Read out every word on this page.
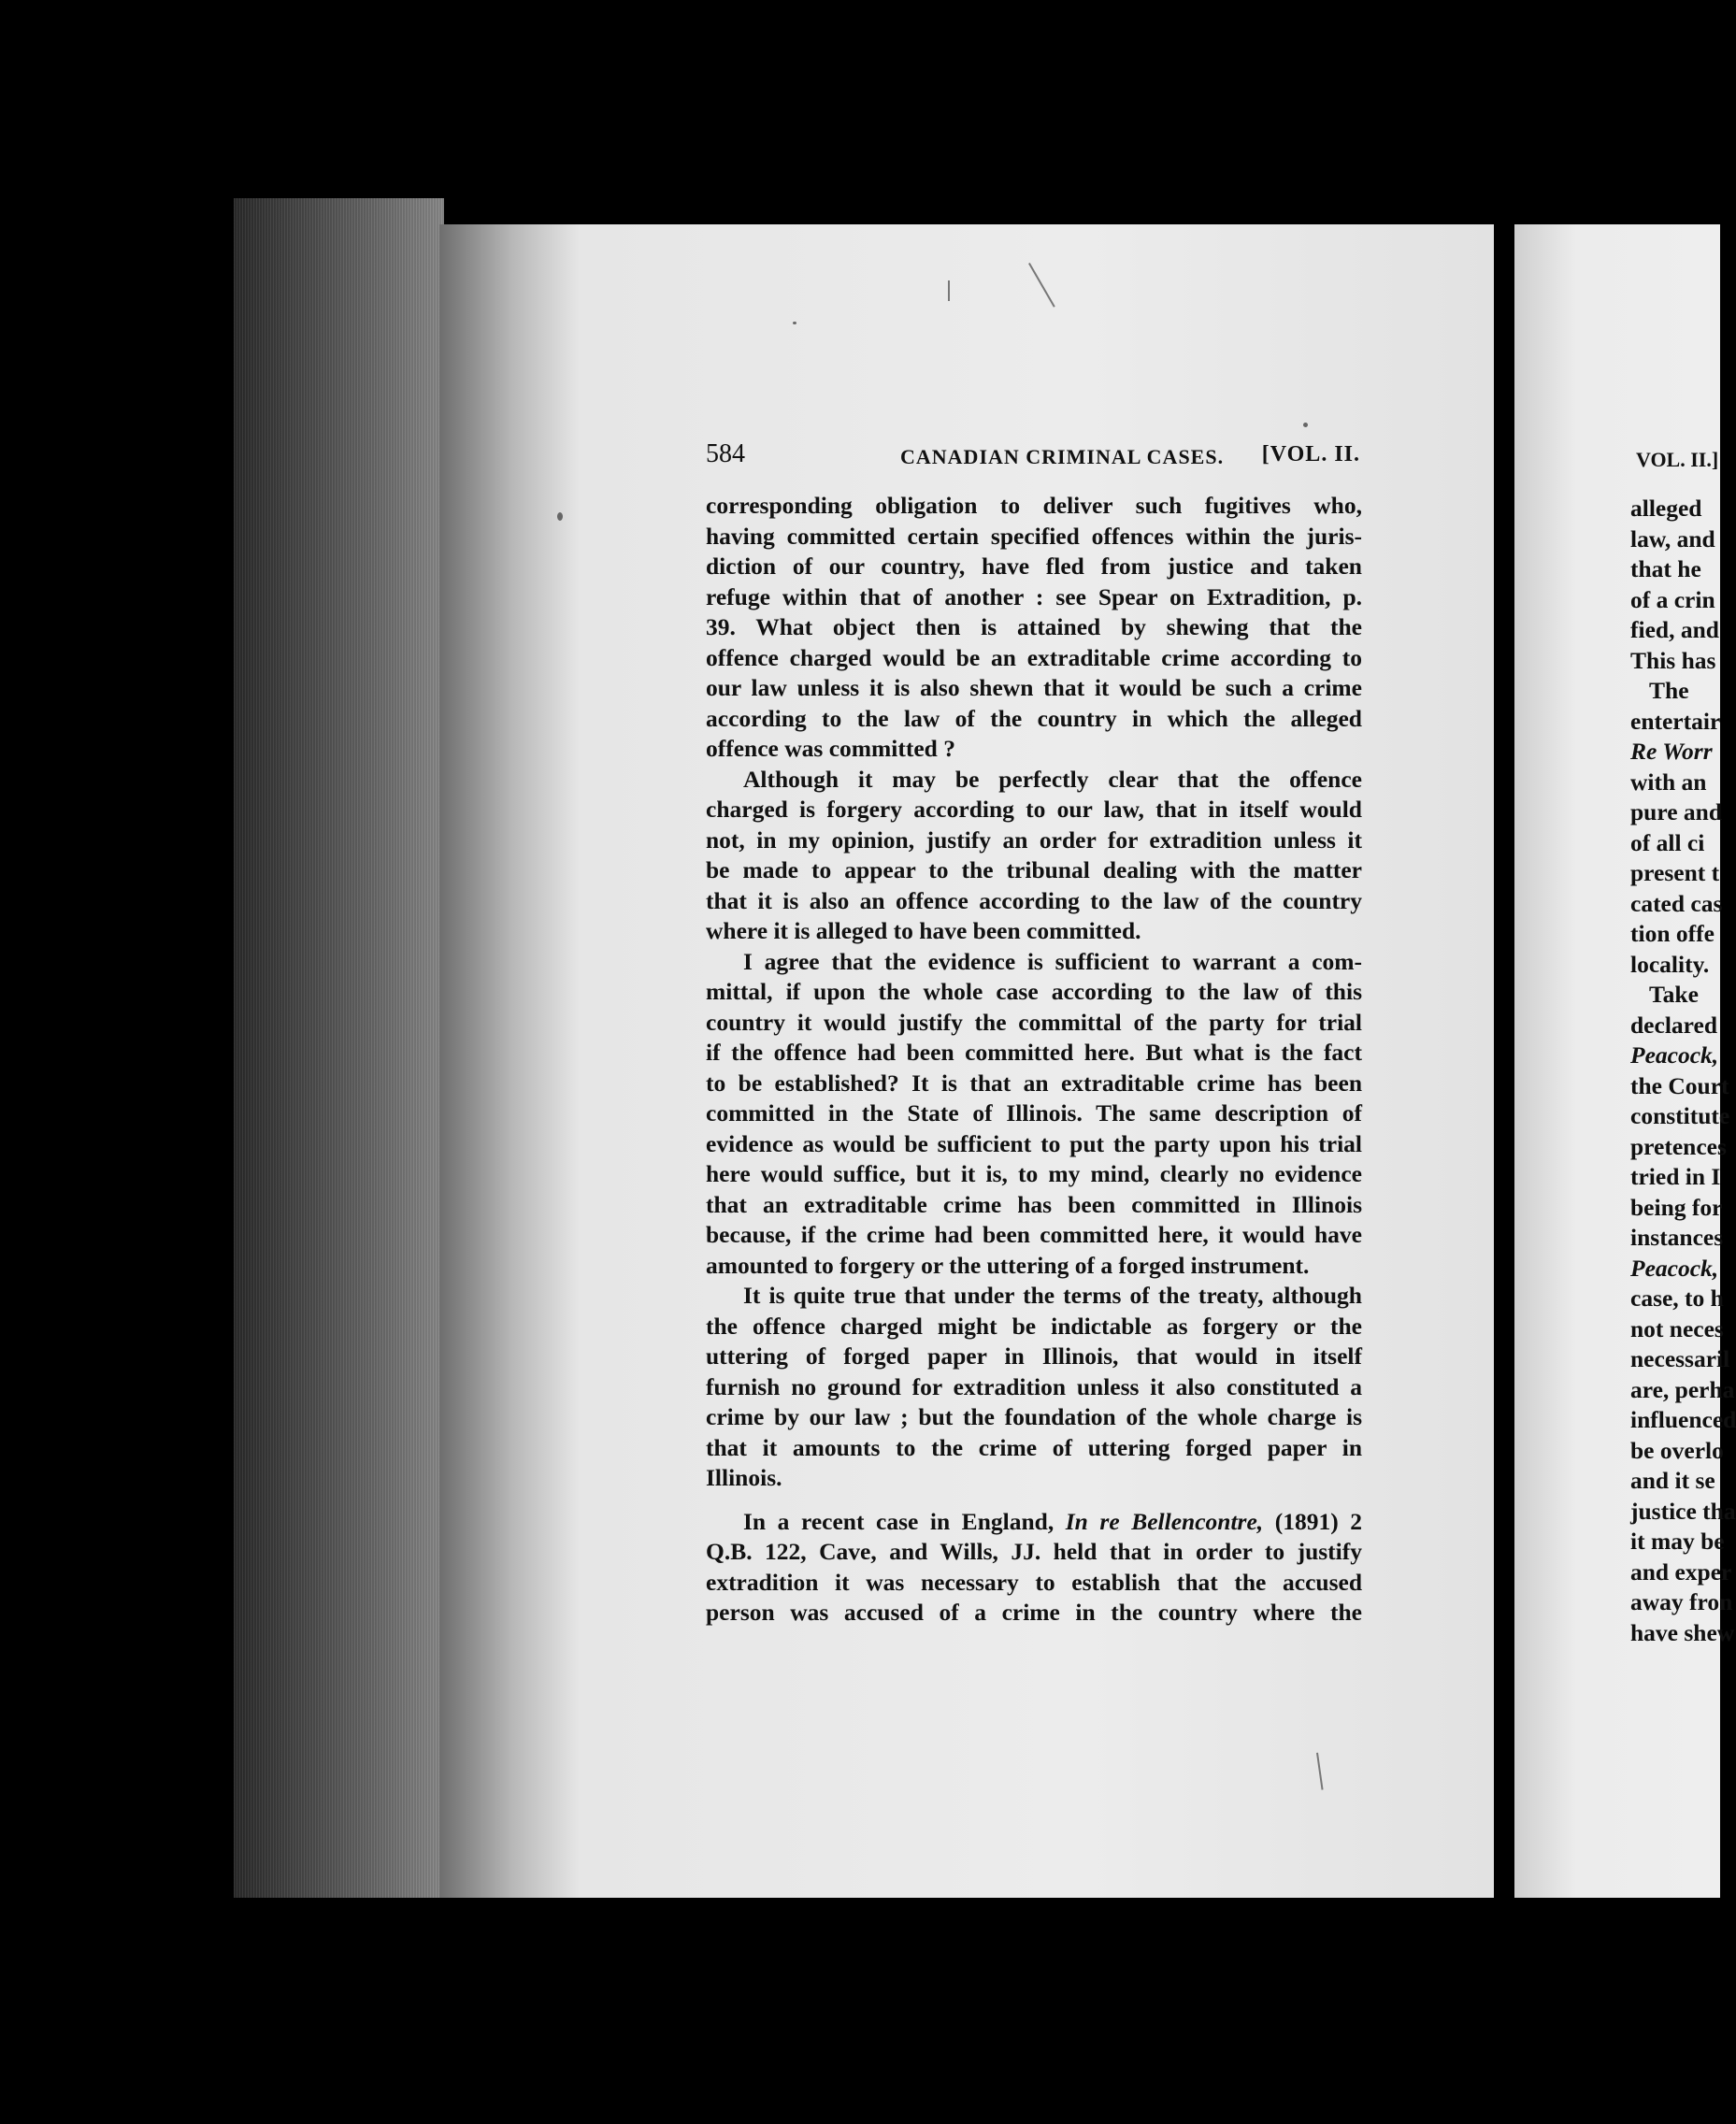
584	CANADIAN CRIMINAL CASES. [VOL. II.
corresponding obligation to deliver such fugitives who,
having committed certain specified offences within the juris-
diction of our country, have fled from justice and taken
refuge within that of another : see Spear on Extradition, p.
39. What object then is attained by shewing that the
offence charged would be an extraditable crime according to
our law unless it is also shewn that it would be such a crime
according to the law of the country in which the alleged
offence was committed ?
Although it may be perfectly clear that the offence
charged is forgery according to our law, that in itself would
not, in my opinion, justify an order for extradition unless it
be made to appear to the tribunal dealing with the matter
that it is also an offence according to the law of the country
where it is alleged to have been committed.
I agree that the evidence is sufficient to warrant a com-
mittal, if upon the whole case according to the law of this
country it would justify the committal of the party for trial
if the offence had been committed here. But what is the fact
to be established? It is that an extraditable crime has been
committed in the State of Illinois. The same description of
evidence as would be sufficient to put the party upon his trial
here would suffice, but it is, to my mind, clearly no evidence
that an extraditable crime has been committed in Illinois
because, if the crime had been committed here, it would have
amounted to forgery or the uttering of a forged instrument.
It is quite true that under the terms of the treaty, although
the offence charged might be indictable as forgery or the
uttering of forged paper in Illinois, that would in itself
furnish no ground for extradition unless it also constituted a
crime by our law ; but the foundation of the whole charge is
that it amounts to the crime of uttering forged paper in
Illinois.
In a recent case in England, In re Bellencontre, (1891) 2
Q.B. 122, Cave, and Wills, JJ. held that in order to justify
extradition it was necessary to establish that the accused
person was accused of a crime in the country where the
VOL. II.]
alleged
law, and
that he
of a crin
fied, and
This has
The
entertair
Re Worr
with an
pure and
of all ci
present t
cated cas
tion offe
locality.
Take
declared
Peacock,
the Court
constitute
pretences
tried in I
being for
instances
Peacock,
case, to h
not neces
necessaril
are, perha
influenced
be overlo
and it se
justice tha
it may be
and exper
away fron
have shew
